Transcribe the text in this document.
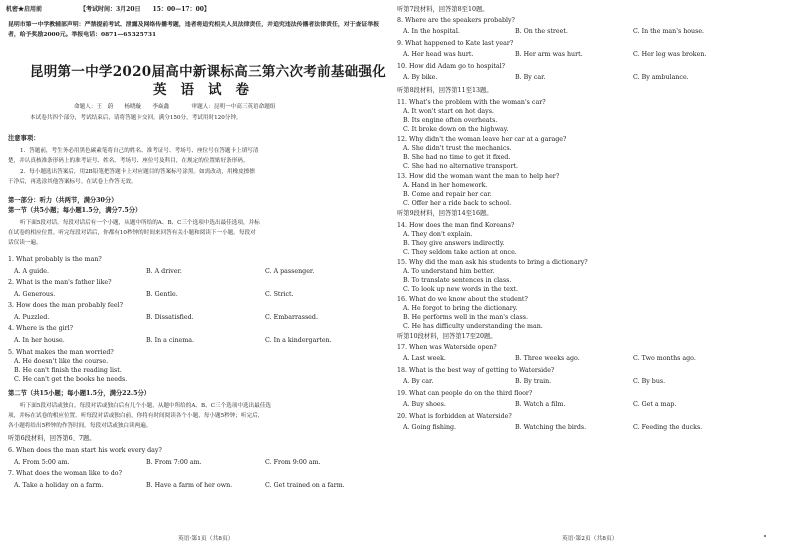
机密★启用前	【考试时间：3月20日　　15：00—17：00】
昆明市第一中学教辅部声明：严禁提前考试、泄露及网络传播考题，违者将追究相关人员法律责任，并追究违法传播者法律责任，对于查证举报者，给予奖励2000元。举报电话：0871—65325731
昆明第一中学2020届高中新课标高三第六次考前基础强化
英语试卷
命题人：王　蔚　　杨晓璇　　李焱鑫　　　　审题人：昆明一中高三英语命题组
本试卷共四个部分，考试结束后，请将答题卡交回。满分150分，考试用时120分钟。
注意事项：
1．答题前，考生务必用黑色碳素笔将自己的姓名、准考证号、考场号、座位号在答题卡上填写清
楚，并认真核准条形码上的准考证号、姓名、考场号、座位号及科目，在规定的位置贴好条形码。
2．每小题选出答案后，用2B铅笔把答题卡上对应题目的答案标号涂黑。如需改动，用橡皮擦擦
干净后，再选涂其他答案标号。在试卷上作答无效。
第一部分：听力（共两节，满分30分）
第一节（共5小题；每小题1.5分，满分7.5分）
听下面5段对话。每段对话后有一个小题，从题中所给的A、B、C三个选项中选出最佳选项，并标
在试卷的相应位置。听完每段对话后，你都有10秒钟的时间来回答有关小题和阅读下一小题。每段对
话仅读一遍。
1. What probably is the man?
A. A guide.	B. A driver.	C. A passenger.
2. What is the man's father like?
A. Generous.	B. Gentle.	C. Strict.
3. How does the man probably feel?
A. Puzzled.	B. Dissatisfied.	C. Embarrassed.
4. Where is the girl?
A. In her house.	B. In a cinema.	C. In a kindergarten.
5. What makes the man worried?
A. He doesn't like the course.
B. He can't finish the reading list.
C. He can't get the books he needs.
第二节（共15小题；每小题1.5分，满分22.5分）
听下面5段对话或独白。每段对话或独白后有几个小题，从题中所给的A、B、C三个选项中选出最佳选
项，并标在试卷的相应位置。听每段对话或独白前，你将有时间阅读各个小题，每小题5秒钟；听完后，
各小题将给出5秒钟的作答时间。每段对话或独白读两遍。
听第6段材料，回答第6、7题。
6. When does the man start his work every day?
A. From 5:00 am.	B. From 7:00 am.	C. From 9:00 am.
7. What does the woman like to do?
A. Take a holiday on a farm.	B. Have a farm of her own.	C. Get trained on a farm.
英语·第1页（共8页）
听第7段材料，回答第8至10题。
8. Where are the speakers probably?
A. In the hospital.	B. On the street.	C. In the man's house.
9. What happened to Kate last year?
A. Her head was hurt.	B. Her arm was hurt.	C. Her leg was broken.
10. How did Adam go to hospital?
A. By bike.	B. By car.	C. By ambulance.
听第8段材料，回答第11至13题。
11. What's the problem with the woman's car?
A. It won't start on hot days.
B. Its engine often overheats.
C. It broke down on the highway.
12. Why didn't the woman leave her car at a garage?
A. She didn't trust the mechanics.
B. She had no time to get it fixed.
C. She had no alternative transport.
13. How did the woman want the man to help her?
A. Hand in her homework.
B. Come and repair her car.
C. Offer her a ride back to school.
听第9段材料，回答第14至16题。
14. How does the man find Koreans?
A. They don't explain.
B. They give answers indirectly.
C. They seldom take action at once.
15. Why did the man ask his students to bring a dictionary?
A. To understand him better.
B. To translate sentences in class.
C. To look up new words in the text.
16. What do we know about the student?
A. He forgot to bring the dictionary.
B. He performs well in the man's class.
C. He has difficulty understanding the man.
听第10段材料，回答第17至20题。
17. When was Waterside open?
A. Last week.	B. Three weeks ago.	C. Two months ago.
18. What is the best way of getting to Waterside?
A. By car.	B. By train.	C. By bus.
19. What can people do on the third floor?
A. Buy shoes.	B. Watch a film.	C. Get a map.
20. What is forbidden at Waterside?
A. Going fishing.	B. Watching the birds.	C. Feeding the ducks.
英语·第2页（共8页）
